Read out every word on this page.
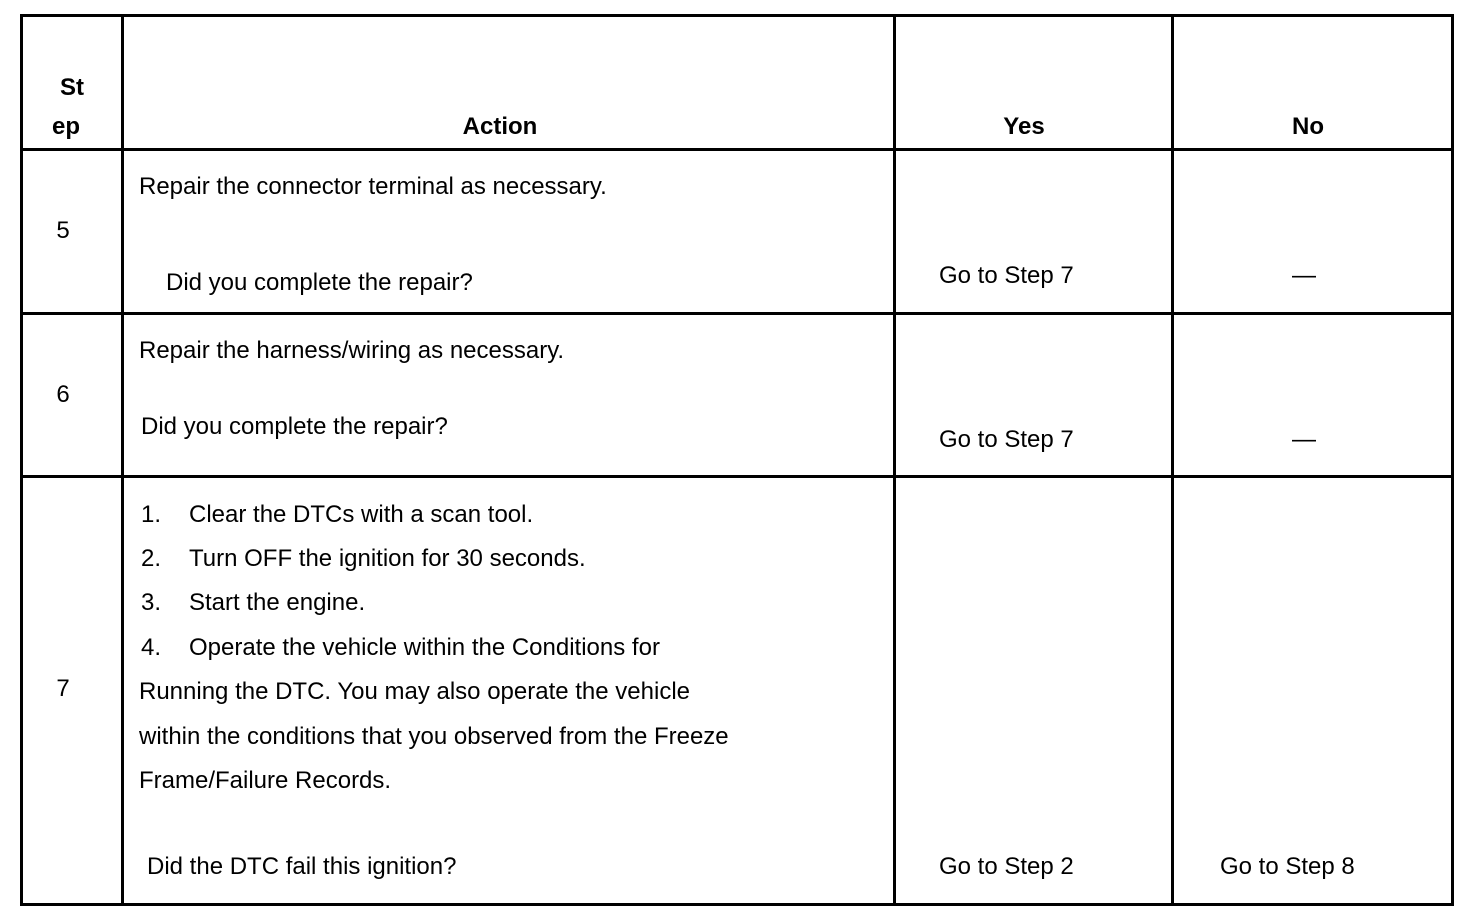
St
ep	Action	Yes	No
5
Repair the connector terminal as necessary.
Did you complete the repair?	Go to Step 7	—
6
Repair the harness/wiring as necessary.
Did you complete the repair?	Go to Step 7	—
7
1. Clear the DTCs with a scan tool.
2. Turn OFF the ignition for 30 seconds.
3. Start the engine.
4. Operate the vehicle within the Conditions for
Running the DTC. You may also operate the vehicle
within the conditions that you observed from the Freeze
Frame/Failure Records.
Did the DTC fail this ignition?	Go to Step 2	Go to Step 8
